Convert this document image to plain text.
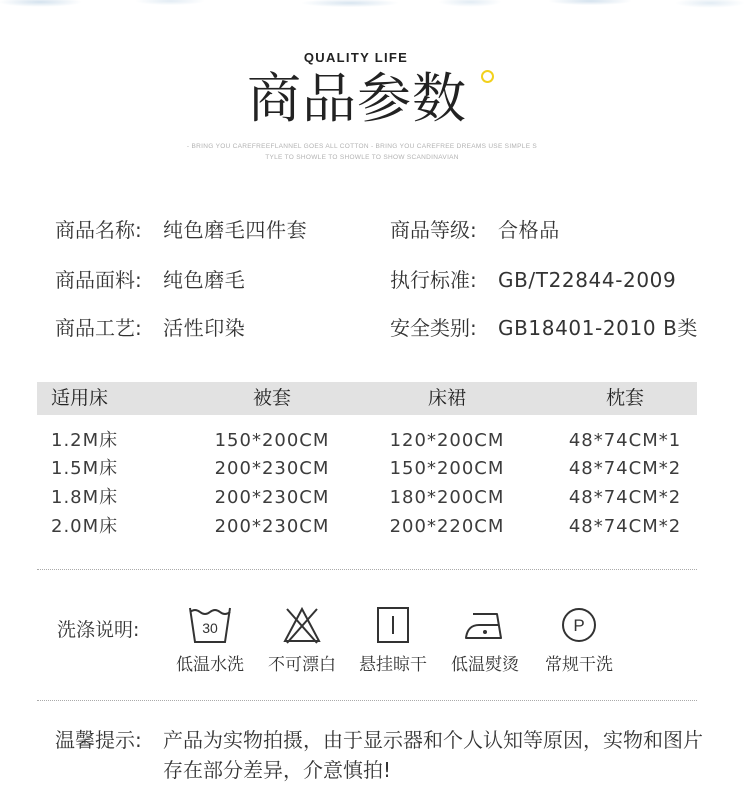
QUALITY LIFE
商品参数
- BRING YOU CAREFREEFLANNEL GOES ALL COTTON - BRING YOU CAREFREE DREAMS USE SIMPLE S
TYLE TO SHOWLE TO SHOWLE TO SHOW SCANDINAVIAN
商品名称: 纯色磨毛四件套	商品等级: 合格品
商品面料: 纯色磨毛	执行标准: GB/T22844-2009
商品工艺: 活性印染	安全类别: GB18401-2010 B类
适用床	被套	床裙	枕套
1.2M床	150*200CM	120*200CM	48*74CM*1
1.5M床	200*230CM	150*200CM	48*74CM*2
1.8M床	200*230CM	180*200CM	48*74CM*2
2.0M床	200*230CM	200*220CM	48*74CM*2
洗涤说明:	30
低温水洗	不可漂白	悬挂晾干	低温熨烫
P
常规干洗
温馨提示: 产品为实物拍摄，由于显示器和个人认知等原因，实物和图片
存在部分差异，介意慎拍!
